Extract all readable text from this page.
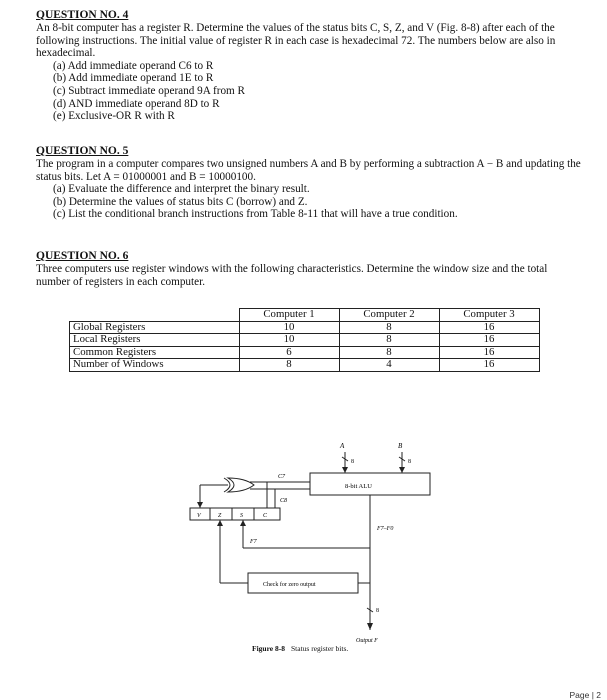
QUESTION NO. 4

An 8-bit computer has a register R. Determine the values of the status bits C, S, Z, and V (Fig. 8-8) after each of the following instructions. The initial value of register R in each case is hexadecimal 72. The numbers below are also in hexadecimal.

(a) Add immediate operand C6 to R
(b) Add immediate operand 1E to R
(c) Subtract immediate operand 9A from R
(d) AND immediate operand 8D to R
(e) Exclusive-OR R with R
QUESTION NO. 5

The program in a computer compares two unsigned numbers A and B by performing a subtraction A − B and updating the status bits. Let A = 01000001 and B = 10000100.

(a) Evaluate the difference and interpret the binary result.
(b) Determine the values of status bits C (borrow) and Z.
(c) List the conditional branch instructions from Table 8-11 that will have a true condition.
QUESTION NO. 6

Three computers use register windows with the following characteristics. Determine the window size and the total number of registers in each computer.

	Computer 1	Computer 2	Computer 3
Global Registers	10	8	16
Local Registers	10	8	16
Common Registers	6	8	16
Number of Windows	8	4	16
A	B
8	8
8-bit ALU
C7
C8
F7–F0
F7
8
V	Z	S	C
Check for zero output
Output F
Figure 8-8 Status register bits.
Page | 2
